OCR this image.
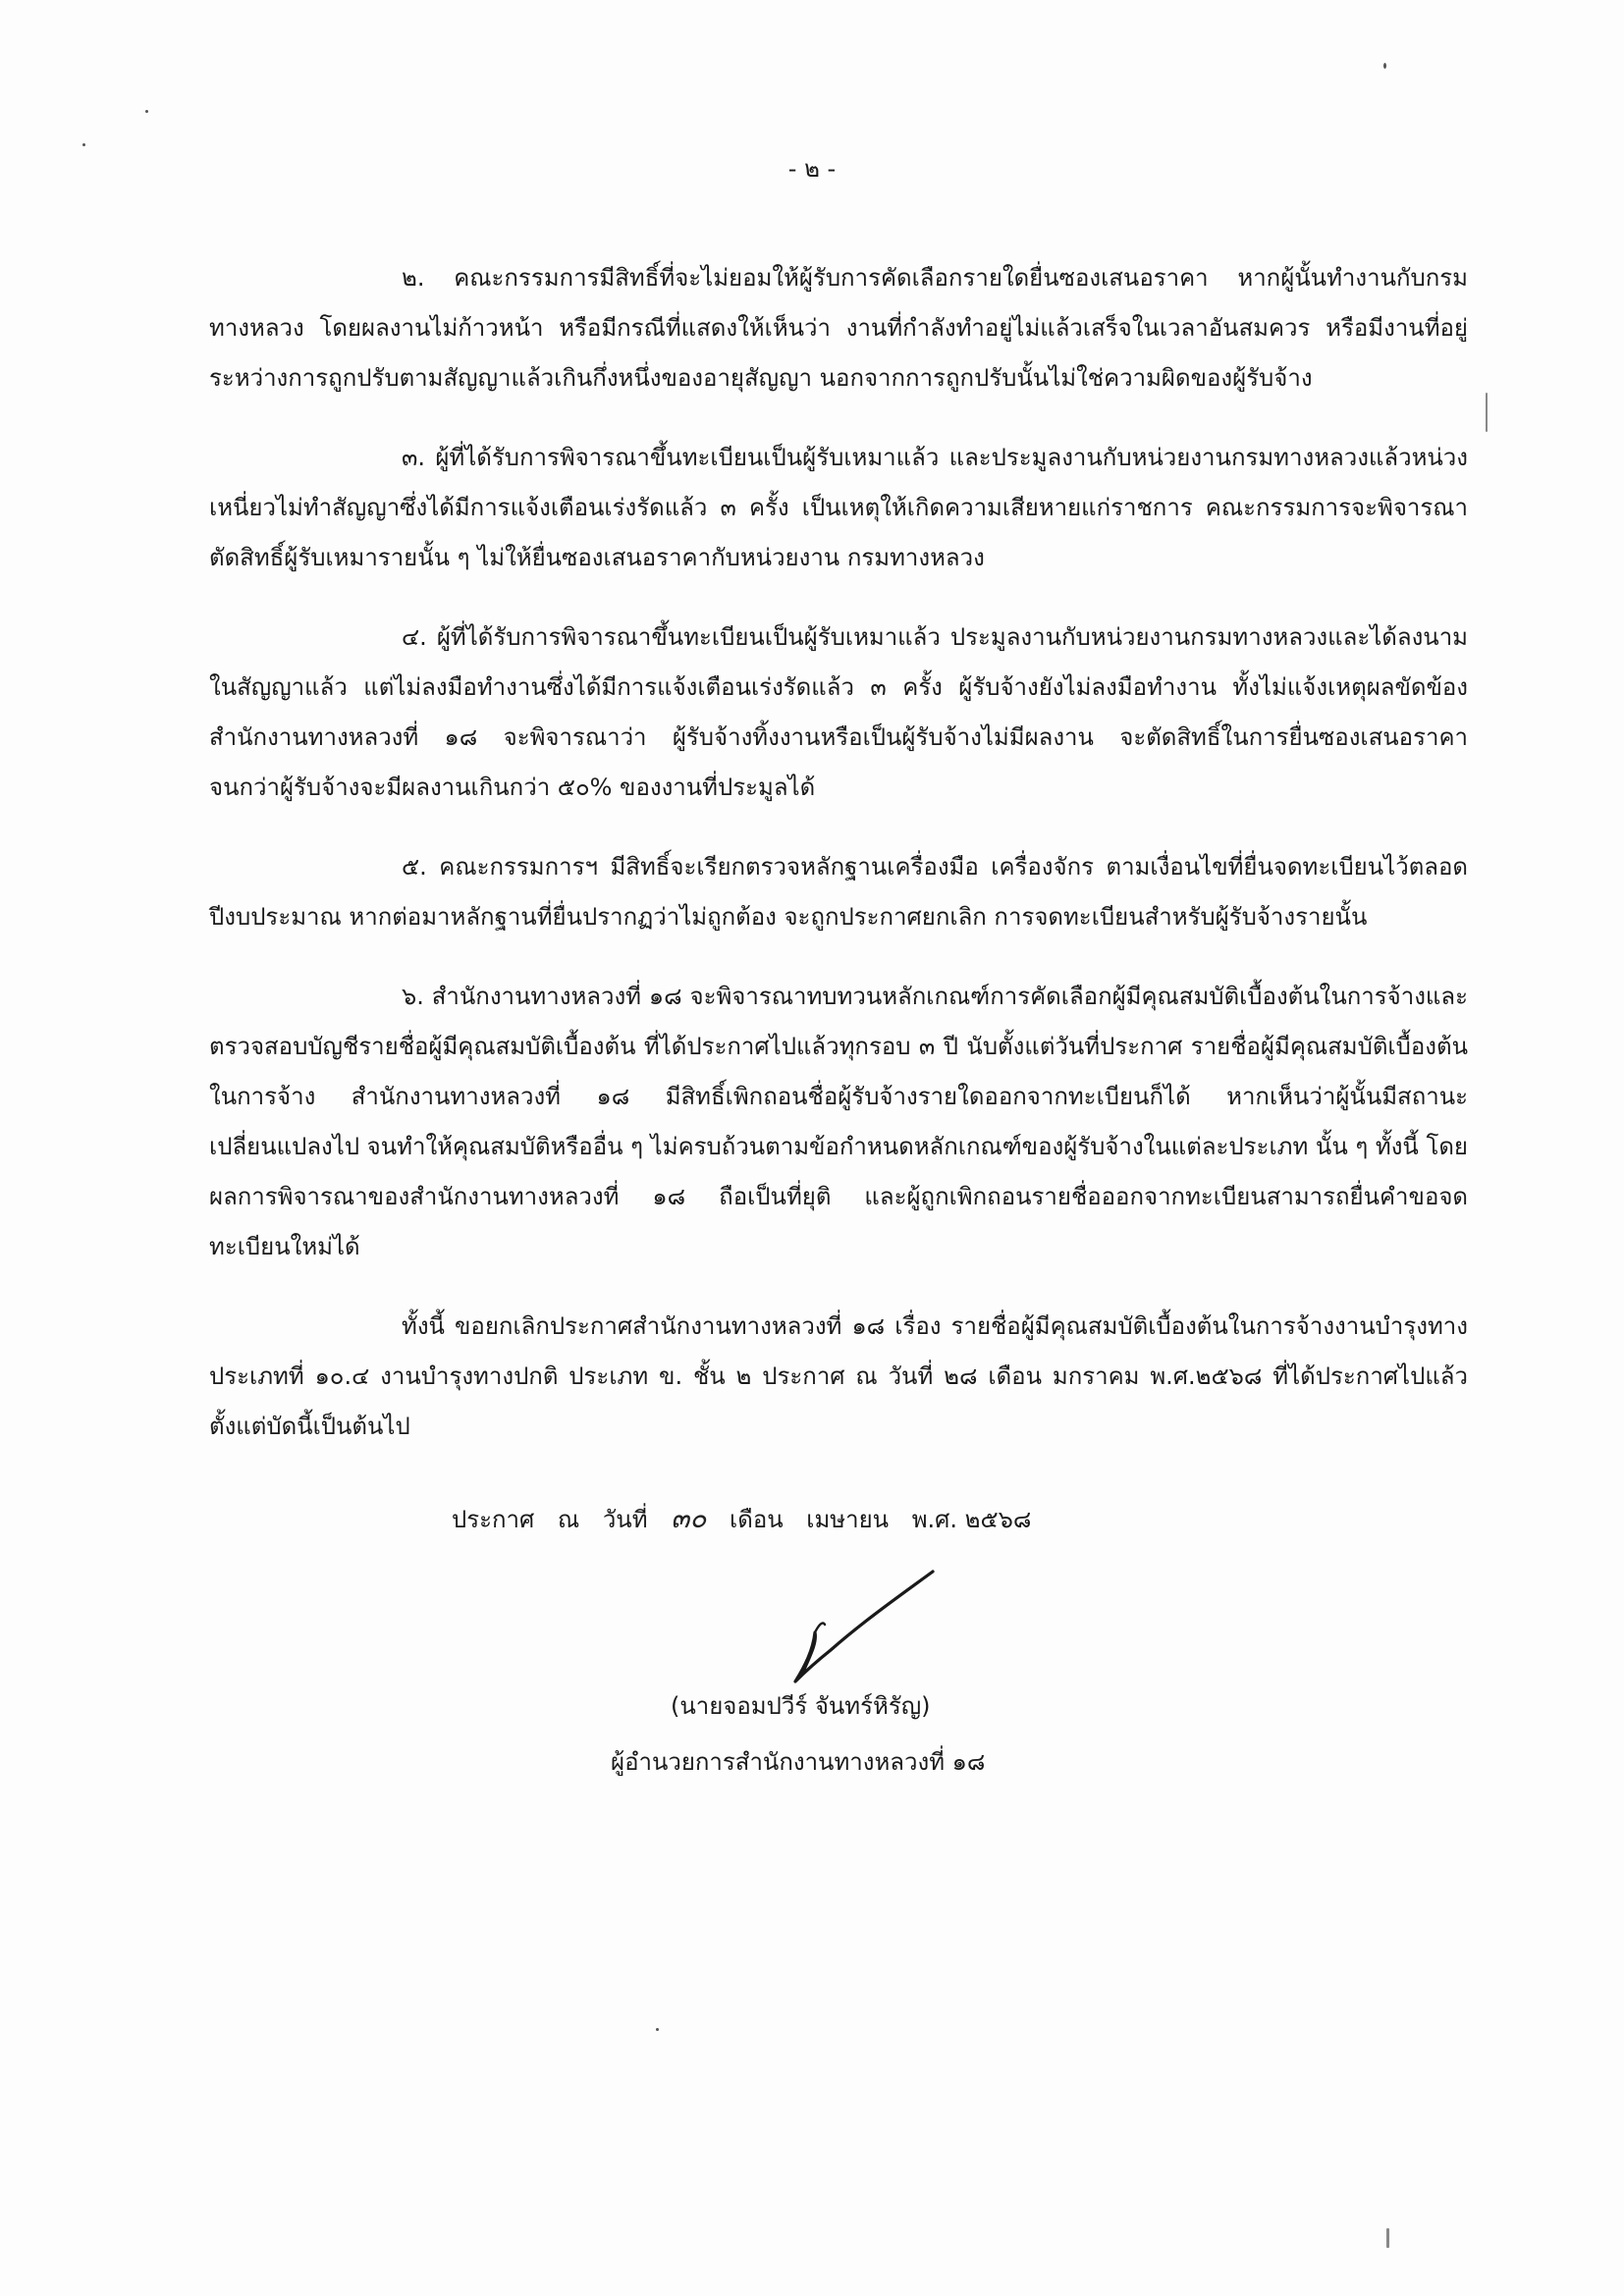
- ๒ -

๒. คณะกรรมการมีสิทธิ์ที่จะไม่ยอมให้ผู้รับการคัดเลือกรายใดยื่นซองเสนอราคา หากผู้นั้นทำงานกับกรมทางหลวง โดยผลงานไม่ก้าวหน้า หรือมีกรณีที่แสดงให้เห็นว่า งานที่กำลังทำอยู่ไม่แล้วเสร็จในเวลาอันสมควร หรือมีงานที่อยู่ระหว่างการถูกปรับตามสัญญาแล้วเกินกึ่งหนึ่งของอายุสัญญา นอกจากการถูกปรับนั้นไม่ใช่ความผิดของผู้รับจ้าง

๓. ผู้ที่ได้รับการพิจารณาขึ้นทะเบียนเป็นผู้รับเหมาแล้ว และประมูลงานกับหน่วยงานกรมทางหลวงแล้วหน่วงเหนี่ยวไม่ทำสัญญาซึ่งได้มีการแจ้งเตือนเร่งรัดแล้ว ๓ ครั้ง เป็นเหตุให้เกิดความเสียหายแก่ราชการ คณะกรรมการจะพิจารณาตัดสิทธิ์ผู้รับเหมารายนั้น ๆ ไม่ให้ยื่นซองเสนอราคากับหน่วยงาน กรมทางหลวง

๔. ผู้ที่ได้รับการพิจารณาขึ้นทะเบียนเป็นผู้รับเหมาแล้ว ประมูลงานกับหน่วยงานกรมทางหลวงและได้ลงนามในสัญญาแล้ว แต่ไม่ลงมือทำงานซึ่งได้มีการแจ้งเตือนเร่งรัดแล้ว ๓ ครั้ง ผู้รับจ้างยังไม่ลงมือทำงาน ทั้งไม่แจ้งเหตุผลขัดข้อง สำนักงานทางหลวงที่ ๑๘ จะพิจารณาว่า ผู้รับจ้างทิ้งงานหรือเป็นผู้รับจ้างไม่มีผลงาน จะตัดสิทธิ์ในการยื่นซองเสนอราคา จนกว่าผู้รับจ้างจะมีผลงานเกินกว่า ๕๐% ของงานที่ประมูลได้

๕. คณะกรรมการฯ มีสิทธิ์จะเรียกตรวจหลักฐานเครื่องมือ เครื่องจักร ตามเงื่อนไขที่ยื่นจดทะเบียนไว้ตลอดปีงบประมาณ หากต่อมาหลักฐานที่ยื่นปรากฏว่าไม่ถูกต้อง จะถูกประกาศยกเลิก การจดทะเบียนสำหรับผู้รับจ้างรายนั้น

๖. สำนักงานทางหลวงที่ ๑๘ จะพิจารณาทบทวนหลักเกณฑ์การคัดเลือกผู้มีคุณสมบัติเบื้องต้นในการจ้างและตรวจสอบบัญชีรายชื่อผู้มีคุณสมบัติเบื้องต้น ที่ได้ประกาศไปแล้วทุกรอบ ๓ ปี นับตั้งแต่วันที่ประกาศ รายชื่อผู้มีคุณสมบัติเบื้องต้นในการจ้าง สำนักงานทางหลวงที่ ๑๘ มีสิทธิ์เพิกถอนชื่อผู้รับจ้างรายใดออกจากทะเบียนก็ได้ หากเห็นว่าผู้นั้นมีสถานะเปลี่ยนแปลงไป จนทำให้คุณสมบัติหรืออื่น ๆ ไม่ครบถ้วนตามข้อกำหนดหลักเกณฑ์ของผู้รับจ้างในแต่ละประเภท นั้น ๆ ทั้งนี้ โดยผลการพิจารณาของสำนักงานทางหลวงที่ ๑๘ ถือเป็นที่ยุติ และผู้ถูกเพิกถอนรายชื่อออกจากทะเบียนสามารถยื่นคำขอจดทะเบียนใหม่ได้

ทั้งนี้ ขอยกเลิกประกาศสำนักงานทางหลวงที่ ๑๘ เรื่อง รายชื่อผู้มีคุณสมบัติเบื้องต้นในการจ้างงานบำรุงทาง ประเภทที่ ๑๐.๔ งานบำรุงทางปกติ ประเภท ข. ชั้น ๒ ประกาศ ณ วันที่ ๒๘ เดือน มกราคม พ.ศ.๒๕๖๘ ที่ได้ประกาศไปแล้ว ตั้งแต่บัดนี้เป็นต้นไป

ประกาศ ณ วันที่ ๓๐ เดือน เมษายน พ.ศ. ๒๕๖๘
(นายจอมปวีร์ จันทร์หิรัญ)
ผู้อำนวยการสำนักงานทางหลวงที่ ๑๘
